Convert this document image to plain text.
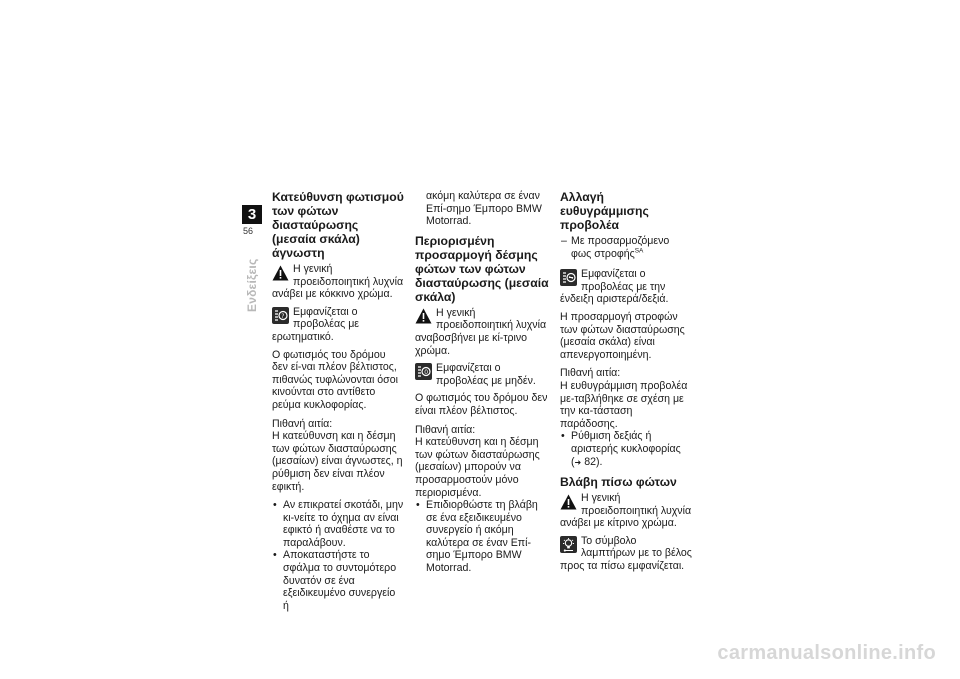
3
56
Ενδείξεις
Κατεύθυνση φωτισμού των φώτων διασταύρωσης (μεσαία σκάλα) άγνωστη
Η γενική προειδοποιητική λυχνία ανάβει με κόκκινο χρώμα.
? Εμφανίζεται ο προβολέας με ερωτηματικό.

Ο φωτισμός του δρόμου δεν εί-ναι πλέον βέλτιστος, πιθανώς τυφλώνονται όσοι κινούνται στο αντίθετο ρεύμα κυκλοφορίας.

Πιθανή αιτία:

Η κατεύθυνση και η δέσμη των φώτων διασταύρωσης (μεσαίων) είναι άγνωστες, η ρύθμιση δεν είναι πλέον εφικτή.

• Αν επικρατεί σκοτάδι, μην κι-νείτε το όχημα αν είναι εφικτό ή αναθέστε να το παραλάβουν.
• Αποκαταστήστε το σφάλμα το συντομότερο δυνατόν σε ένα εξειδικευμένο συνεργείο ή

ακόμη καλύτερα σε έναν Επί-σημο Έμπορο BMW Motorrad.

Περιορισμένη προσαρμογή δέσμης φώτων των φώτων διασταύρωσης (μεσαία σκάλα)
Η γενική προειδοποιητική λυχνία αναβοσβήνει με κί-τρινο χρώμα.
0 Εμφανίζεται ο προβολέας με μηδέν.

Ο φωτισμός του δρόμου δεν είναι πλέον βέλτιστος.

Πιθανή αιτία:

Η κατεύθυνση και η δέσμη των φώτων διασταύρωσης (μεσαίων) μπορούν να προσαρμοστούν μόνο περιορισμένα.

• Επιδιορθώστε τη βλάβη σε ένα εξειδικευμένο συνεργείο ή ακόμη καλύτερα σε έναν Επί-σημο Έμπορο BMW Motorrad.
Αλλαγή ευθυγράμμισης προβολέα
– Με προσαρμοζόμενο φως στροφής$^{SA}$
Εμφανίζεται ο προβολέας με την ένδειξη αριστερά/δεξιά.

Η προσαρμογή στροφών των φώτων διασταύρωσης (μεσαία σκάλα) είναι απενεργοποιημένη.

Πιθανή αιτία:

Η ευθυγράμμιση προβολέα με-ταβλήθηκε σε σχέση με την κα-τάσταση παράδοσης.

• Ρύθμιση δεξιάς ή αριστερής κυκλοφορίας (➜ 82).
Βλάβη πίσω φώτων
Η γενική προειδοποιητική λυχνία ανάβει με κίτρινο χρώμα.
Το σύμβολο λαμπτήρων με το βέλος προς τα πίσω εμφανίζεται.
carmanualsonline.info
